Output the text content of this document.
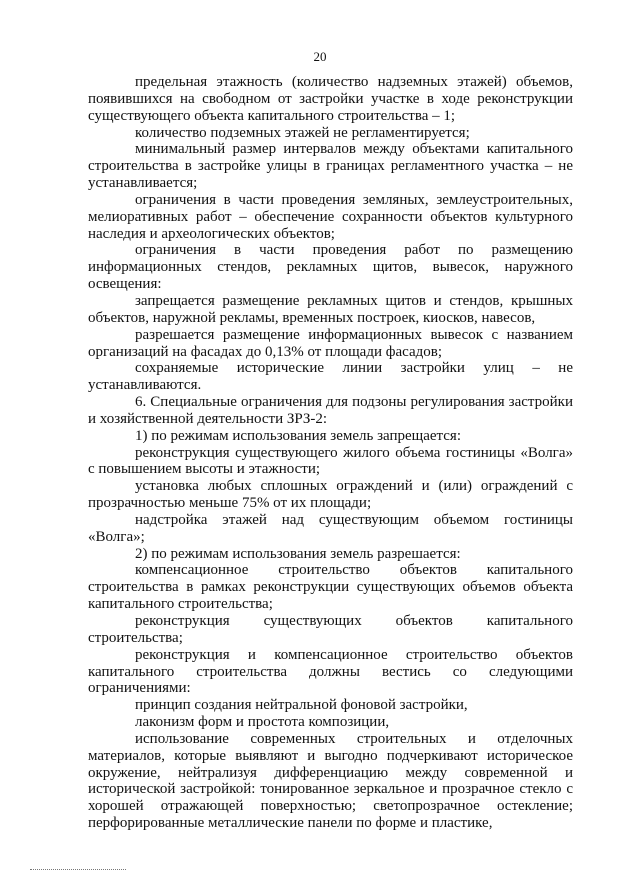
20

предельная этажность (количество надземных этажей) объемов, появившихся на свободном от застройки участке в ходе реконструкции существующего объекта капитального строительства – 1;

количество подземных этажей не регламентируется;

минимальный размер интервалов между объектами капитального строительства в застройке улицы в границах регламентного участка – не устанавливается;

ограничения в части проведения земляных, землеустроительных, мелиоративных работ – обеспечение сохранности объектов культурного наследия и археологических объектов;

ограничения в части проведения работ по размещению информационных стендов, рекламных щитов, вывесок, наружного освещения:

запрещается размещение рекламных щитов и стендов, крышных объектов, наружной рекламы, временных построек, киосков, навесов,

разрешается размещение информационных вывесок с названием организаций на фасадах до 0,13% от площади фасадов;

сохраняемые исторические линии застройки улиц – не устанавливаются.

6. Специальные ограничения для подзоны регулирования застройки и хозяйственной деятельности ЗРЗ-2:

1) по режимам использования земель запрещается:

реконструкция существующего жилого объема гостиницы «Волга» с повышением высоты и этажности;

установка любых сплошных ограждений и (или) ограждений с прозрачностью меньше 75% от их площади;

надстройка этажей над существующим объемом гостиницы «Волга»;

2) по режимам использования земель разрешается:

компенсационное строительство объектов капитального строительства в рамках реконструкции существующих объемов объекта капитального строительства;

реконструкция существующих объектов капитального строительства;

реконструкция и компенсационное строительство объектов капитального строительства должны вестись со следующими ограничениями:

принцип создания нейтральной фоновой застройки,

лаконизм форм и простота композиции,

использование современных строительных и отделочных материалов, которые выявляют и выгодно подчеркивают историческое окружение, нейтрализуя дифференциацию между современной и исторической застройкой: тонированное зеркальное и прозрачное стекло с хорошей отражающей поверхностью; светопрозрачное остекление; перфорированные металлические панели по форме и пластике,
